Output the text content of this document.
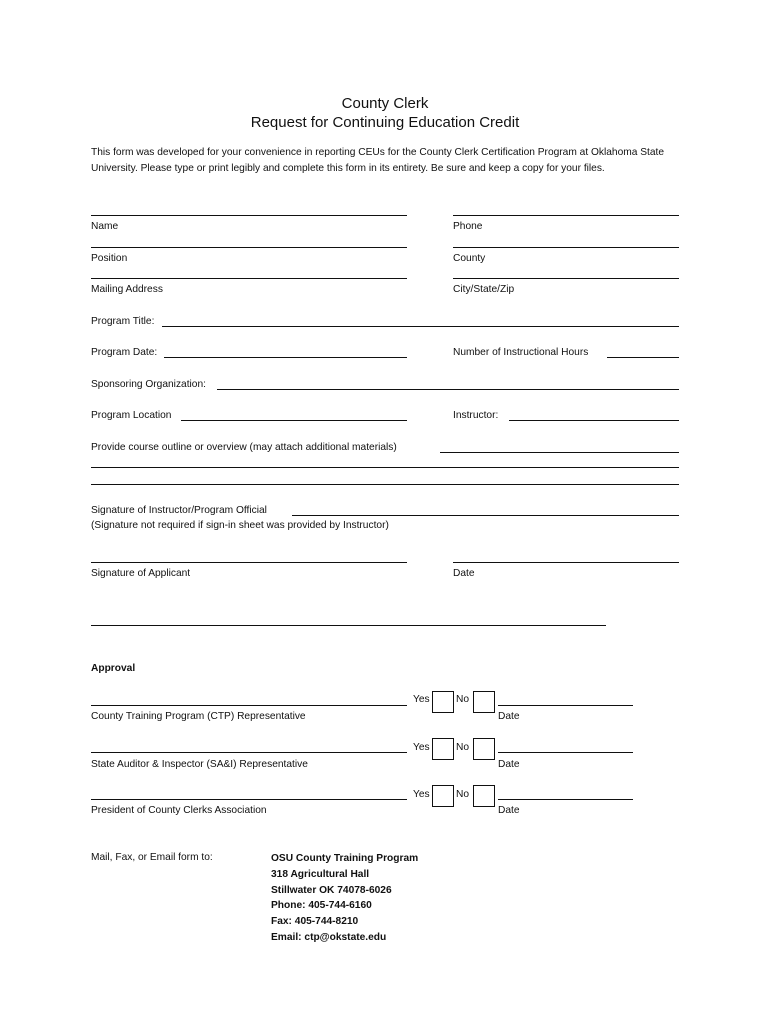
County Clerk
Request for Continuing Education Credit
This form was developed for your convenience in reporting CEUs for the County Clerk Certification Program at Oklahoma State University. Please type or print legibly and complete this form in its entirety. Be sure and keep a copy for your files.
Name	Phone
Position	County
Mailing Address	City/State/Zip
Program Title:
Program Date:	Number of Instructional Hours
Sponsoring Organization:
Program Location	Instructor:
Provide course outline or overview (may attach additional materials)
Signature of Instructor/Program Official
(Signature not required if sign-in sheet was provided by Instructor)
Signature of Applicant	Date
Approval
Yes	No
County Training Program (CTP) Representative	Date
Yes	No
State Auditor & Inspector (SA&I) Representative	Date
Yes	No
President of County Clerks Association	Date
Mail, Fax, or Email form to:	OSU County Training Program
318 Agricultural Hall
Stillwater OK 74078-6026
Phone: 405-744-6160
Fax: 405-744-8210
Email: ctp@okstate.edu
